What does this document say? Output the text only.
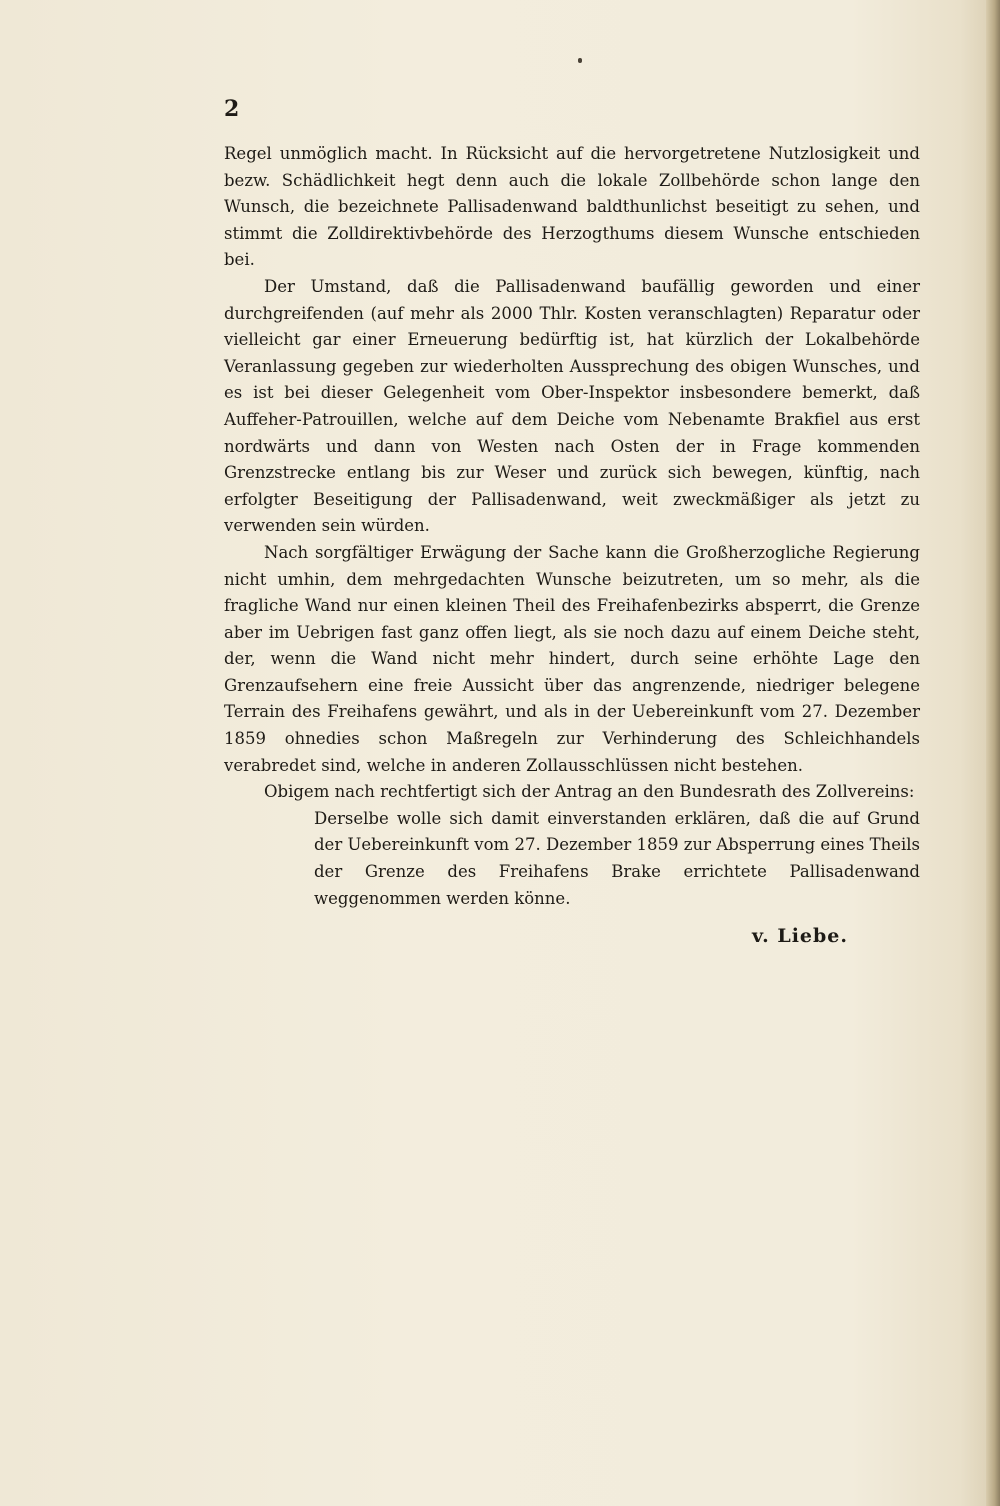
2

Regel unmöglich macht. In Rücksicht auf die hervorgetretene Nutzlosigkeit und bezw. Schädlichkeit hegt denn auch die lokale Zollbehörde schon lange den Wunsch, die bezeichnete Pallisadenwand baldthunlichst beseitigt zu sehen, und stimmt die Zolldirektivbehörde des Herzogthums diesem Wunsche entschieden bei.

Der Umstand, daß die Pallisadenwand baufällig geworden und einer durchgreifenden (auf mehr als 2000 Thlr. Kosten veranschlagten) Reparatur oder vielleicht gar einer Erneuerung bedürftig ist, hat kürzlich der Lokalbehörde Veranlassung gegeben zur wiederholten Aussprechung des obigen Wunsches, und es ist bei dieser Gelegenheit vom Ober-Inspektor insbesondere bemerkt, daß Auffeher-Patrouillen, welche auf dem Deiche vom Nebenamte Brakfiel aus erst nordwärts und dann von Westen nach Osten der in Frage kommenden Grenzstrecke entlang bis zur Weser und zurück sich bewegen, künftig, nach erfolgter Beseitigung der Pallisadenwand, weit zweckmäßiger als jetzt zu verwenden sein würden.

Nach sorgfältiger Erwägung der Sache kann die Großherzogliche Regierung nicht umhin, dem mehrgedachten Wunsche beizutreten, um so mehr, als die fragliche Wand nur einen kleinen Theil des Freihafenbezirks absperrt, die Grenze aber im Uebrigen fast ganz offen liegt, als sie noch dazu auf einem Deiche steht, der, wenn die Wand nicht mehr hindert, durch seine erhöhte Lage den Grenzaufsehern eine freie Aussicht über das angrenzende, niedriger belegene Terrain des Freihafens gewährt, und als in der Uebereinkunft vom 27. Dezember 1859 ohnedies schon Maßregeln zur Verhinderung des Schleichhandels verabredet sind, welche in anderen Zollausschlüssen nicht bestehen.

Obigem nach rechtfertigt sich der Antrag an den Bundesrath des Zollvereins:

Derselbe wolle sich damit einverstanden erklären, daß die auf Grund der Uebereinkunft vom 27. Dezember 1859 zur Absperrung eines Theils der Grenze des Freihafens Brake errichtete Pallisadenwand weggenommen werden könne.

v. Liebe.
